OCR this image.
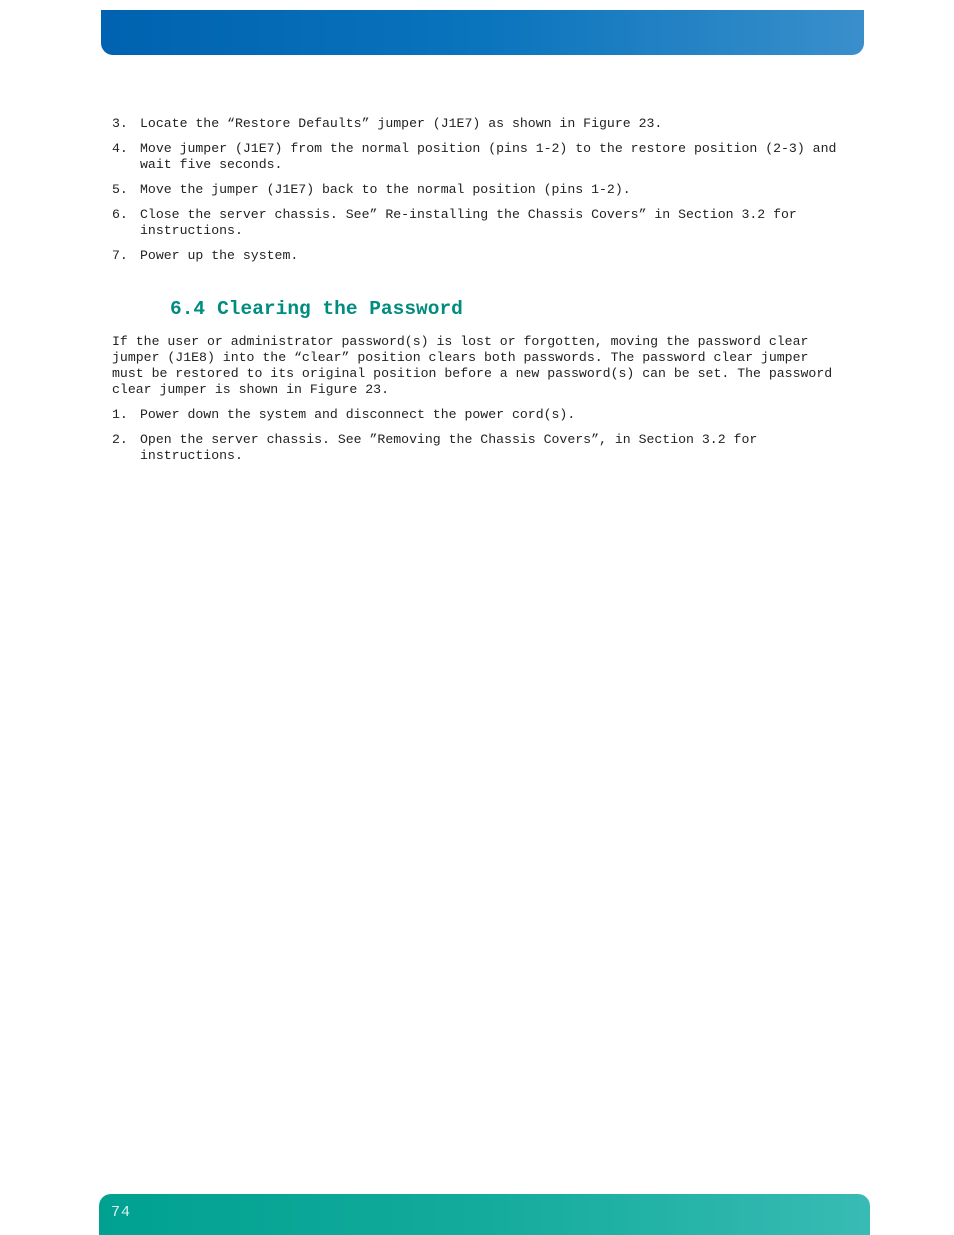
3. Locate the “Restore Defaults” jumper (J1E7) as shown in Figure 23.
4. Move jumper (J1E7) from the normal position (pins 1-2) to the restore position (2-3) and wait five seconds.
5. Move the jumper (J1E7) back to the normal position (pins 1-2).
6. Close the server chassis. See” Re-installing the Chassis Covers” in Section 3.2 for instructions.
7. Power up the system.
6.4 Clearing the Password

If the user or administrator password(s) is lost or forgotten, moving the password clear jumper (J1E8) into the “clear” position clears both passwords. The password clear jumper must be restored to its original position before a new password(s) can be set. The password clear jumper is shown in Figure 23.

1. Power down the system and disconnect the power cord(s).
2. Open the server chassis. See ”Removing the Chassis Covers”, in Section 3.2 for instructions.
74
